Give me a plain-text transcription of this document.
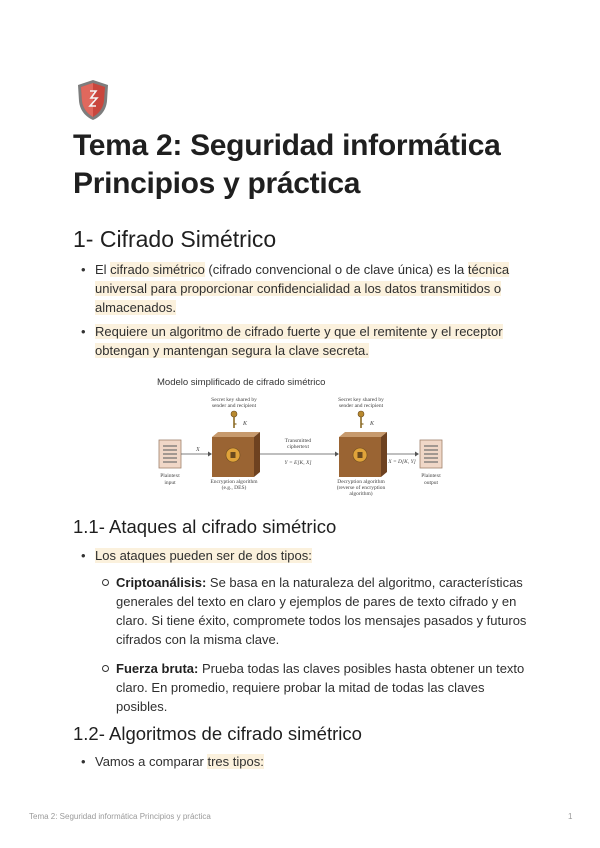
Tema 2: Seguridad informática
Principios y práctica
1- Cifrado Simétrico
• El cifrado simétrico (cifrado convencional o de clave única) es la técnica
universal para proporcionar confidencialidad a los datos transmitidos o
almacenados.
• Requiere un algoritmo de cifrado fuerte y que el remitente y el receptor
obtengan y mantengan segura la clave secreta.
Modelo simplificado de cifrado simétrico
Plaintext
input
X
Encryption algorithm
(e.g., DES)
Secret key shared by
sender and recipient
K
Transmitted
ciphertext
Y = E[K, X]
Decryption algorithm
(reverse of encryption
algorithm)
Secret key shared by
sender and recipient
K
X = D[K, Y]
Plaintext
output
1.1- Ataques al cifrado simétrico
• Los ataques pueden ser de dos tipos:
Criptoanálisis: Se basa en la naturaleza del algoritmo, características
generales del texto en claro y ejemplos de pares de texto cifrado y en
claro. Si tiene éxito, compromete todos los mensajes pasados y futuros
cifrados con la misma clave.
Fuerza bruta: Prueba todas las claves posibles hasta obtener un texto
claro. En promedio, requiere probar la mitad de todas las claves
posibles.
1.2- Algoritmos de cifrado simétrico
• Vamos a comparar tres tipos:
Tema 2: Seguridad informática Principios y práctica	1
